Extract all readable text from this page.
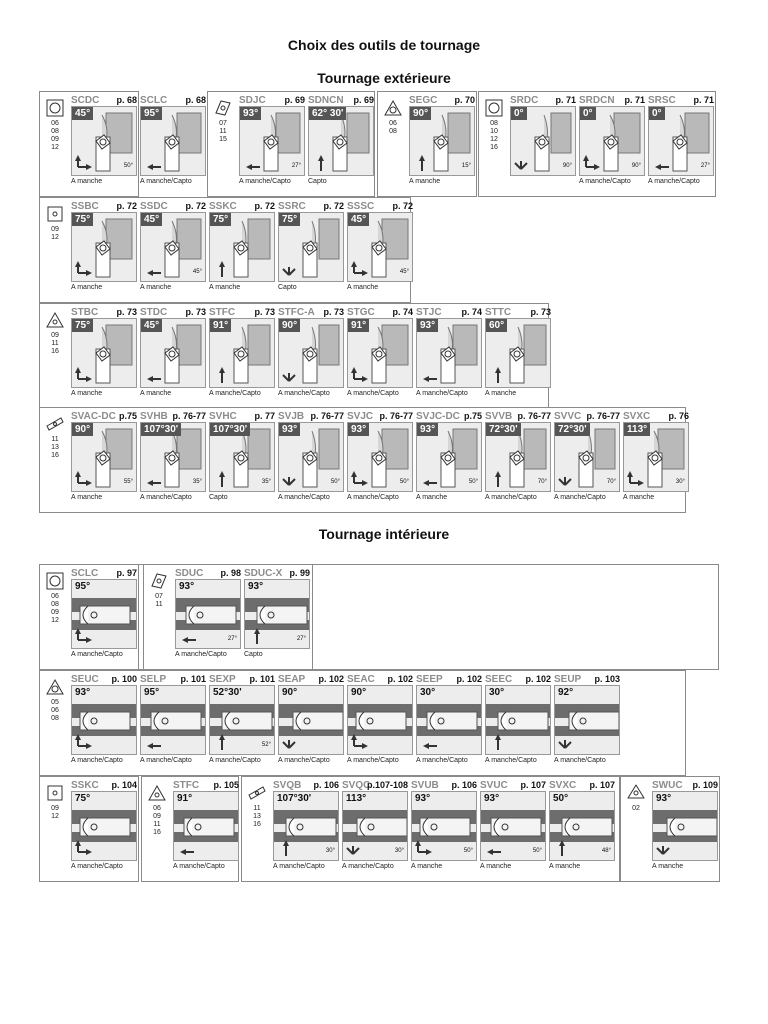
Choix des outils de tournage
Tournage extérieure
Tournage intérieure
06
08
09
12
SCDC p. 68
45°
50°
A manche
SCLC p. 68
95°
A manche/Capto
07
11
15
SDJC p. 69
93°
27°
A manche/Capto
SDNCN p. 69
62° 30'
Capto
06
08
SEGC p. 70
90°
15°
A manche
08
10
12
16
SRDC p. 71
0°
90°
SRDCN p. 71
0°
90°
A manche/Capto
SRSC p. 71
0°
27°
A manche/Capto
09
12
SSBC p. 72
75°
A manche
SSDC p. 72
45°
45°
A manche
SSKC p. 72
75°
A manche
SSRC p. 72
75°
Capto
SSSC p. 72
45°
45°
A manche
09
11
16
STBC p. 73
75°
A manche
STDC p. 73
45°
A manche
STFC p. 73
91°
A manche/Capto
STFC-A p. 73
90°
A manche/Capto
STGC p. 74
91°
A manche/Capto
STJC p. 74
93°
A manche/Capto
STTC p. 73
60°
A manche
11
13
16
SVAC-DC p.75
90°
55°
A manche
SVHB p. 76-77
107°30'
35°
A manche/Capto
SVHC p. 77
107°30'
35°
Capto
SVJB p. 76-77
93°
50°
A manche/Capto
SVJC p. 76-77
93°
50°
A manche/Capto
SVJC-DC p.75
93°
50°
A manche
SVVB p. 76-77
72°30'
70°
A manche/Capto
SVVC p. 76-77
72°30'
70°
A manche/Capto
SVXC p. 76
113°
30°
A manche
06
08
09
12
SCLC p. 97
95°
A manche/Capto
07
11
SDUC p. 98
93°
27°
A manche/Capto
SDUC-X p. 99
93°
27°
Capto
05
06
08
SEUC p. 100
93°
A manche/Capto
SELP p. 101
95°
A manche/Capto
SEXP p. 101
52°30'
52°
A manche/Capto
SEAP p. 102
90°
A manche/Capto
SEAC p. 102
90°
A manche/Capto
SEEP p. 102
30°
A manche/Capto
SEEC p. 102
30°
A manche/Capto
SEUP p. 103
92°
A manche/Capto
09
12
SSKC p. 104
75°
A manche/Capto
06
09
11
16
STFC p. 105
91°
A manche/Capto
11
13
16
SVQB p. 106
107°30'
30°
A manche/Capto
SVQC
p.107-108
113°
30°
A manche/Capto
SVUB p. 106
93°
50°
A manche
SVUC p. 107
93°
50°
A manche
SVXC p. 107
50°
48°
A manche
02
SWUC p. 109
93°
A manche
